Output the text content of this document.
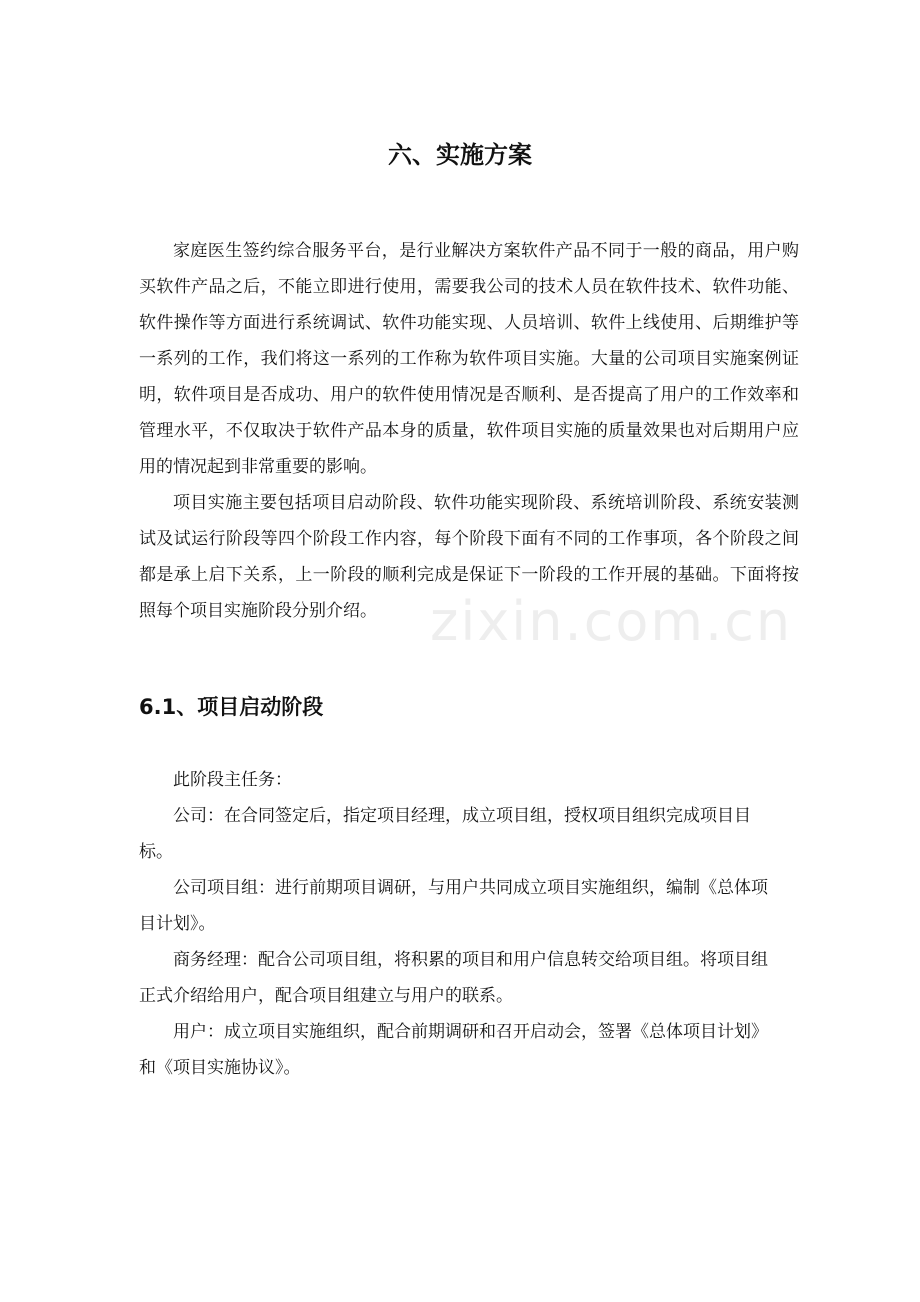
六、实施方案

家庭医生签约综合服务平台，是行业解决方案软件产品不同于一般的商品，用户购买软件产品之后，不能立即进行使用，需要我公司的技术人员在软件技术、软件功能、软件操作等方面进行系统调试、软件功能实现、人员培训、软件上线使用、后期维护等一系列的工作，我们将这一系列的工作称为软件项目实施。大量的公司项目实施案例证明，软件项目是否成功、用户的软件使用情况是否顺利、是否提高了用户的工作效率和管理水平，不仅取决于软件产品本身的质量，软件项目实施的质量效果也对后期用户应用的情况起到非常重要的影响。

项目实施主要包括项目启动阶段、软件功能实现阶段、系统培训阶段、系统安装测试及试运行阶段等四个阶段工作内容，每个阶段下面有不同的工作事项，各个阶段之间都是承上启下关系，上一阶段的顺利完成是保证下一阶段的工作开展的基础。下面将按照每个项目实施阶段分别介绍。

6.1、项目启动阶段

此阶段主任务：

公司：在合同签定后，指定项目经理，成立项目组，授权项目组织完成项目目标。

公司项目组：进行前期项目调研，与用户共同成立项目实施组织，编制《总体项目计划》。

商务经理：配合公司项目组，将积累的项目和用户信息转交给项目组。将项目组正式介绍给用户，配合项目组建立与用户的联系。

用户：成立项目实施组织，配合前期调研和召开启动会，签署《总体项目计划》和《项目实施协议》。

zixin.com.cn
